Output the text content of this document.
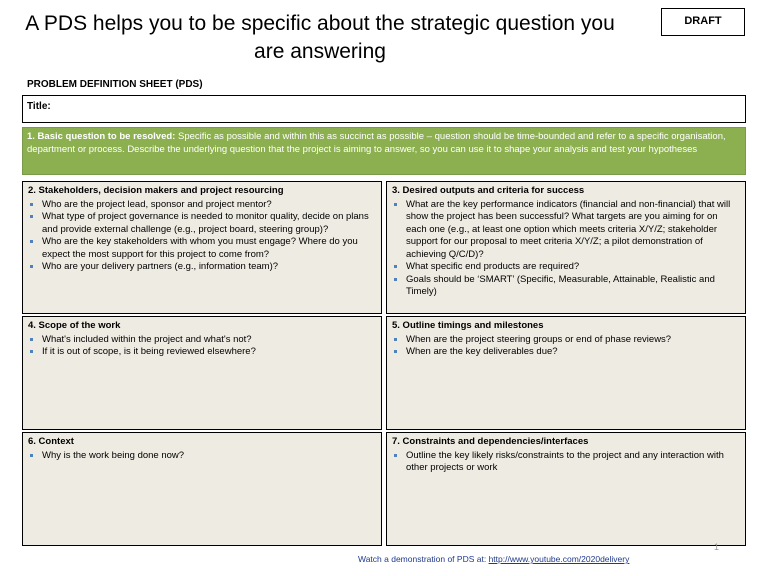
A PDS helps you to be specific about the strategic question you are answering
DRAFT
PROBLEM DEFINITION SHEET (PDS)
Title:
1. Basic question to be resolved: Specific as possible and within this as succinct as possible – question should be time-bounded and refer to a specific organisation, department or process. Describe the underlying question that the project is aiming to answer, so you can use it to shape your analysis and test your hypotheses
2. Stakeholders, decision makers and project resourcing
Who are the project lead, sponsor and project mentor?
What type of project governance is needed to monitor quality, decide on plans and provide external challenge (e.g., project board, steering group)?
Who are the key stakeholders with whom you must engage? Where do you expect the most support for this project to come from?
Who are your delivery partners (e.g., information team)?
3. Desired outputs and criteria for success
What are the key performance indicators (financial and non-financial) that will show the project has been successful? What targets are you aiming for on each one (e.g., at least one option which meets criteria X/Y/Z; stakeholder support for our proposal to meet criteria X/Y/Z; a pilot demonstration of achieving Q/C/D)?
What specific end products are required?
Goals should be ‘SMART’ (Specific, Measurable, Attainable, Realistic and Timely)
4. Scope of the work
What's included within the project and what's not?
If it is out of scope, is it being reviewed elsewhere?
5. Outline timings and milestones
When are the project steering groups or end of phase reviews?
When are the key deliverables due?
6. Context
Why is the work being done now?
7. Constraints and dependencies/interfaces
Outline the key likely risks/constraints to the project and any interaction with other projects or work
Watch a demonstration of PDS at: http://www.youtube.com/2020delivery
1
